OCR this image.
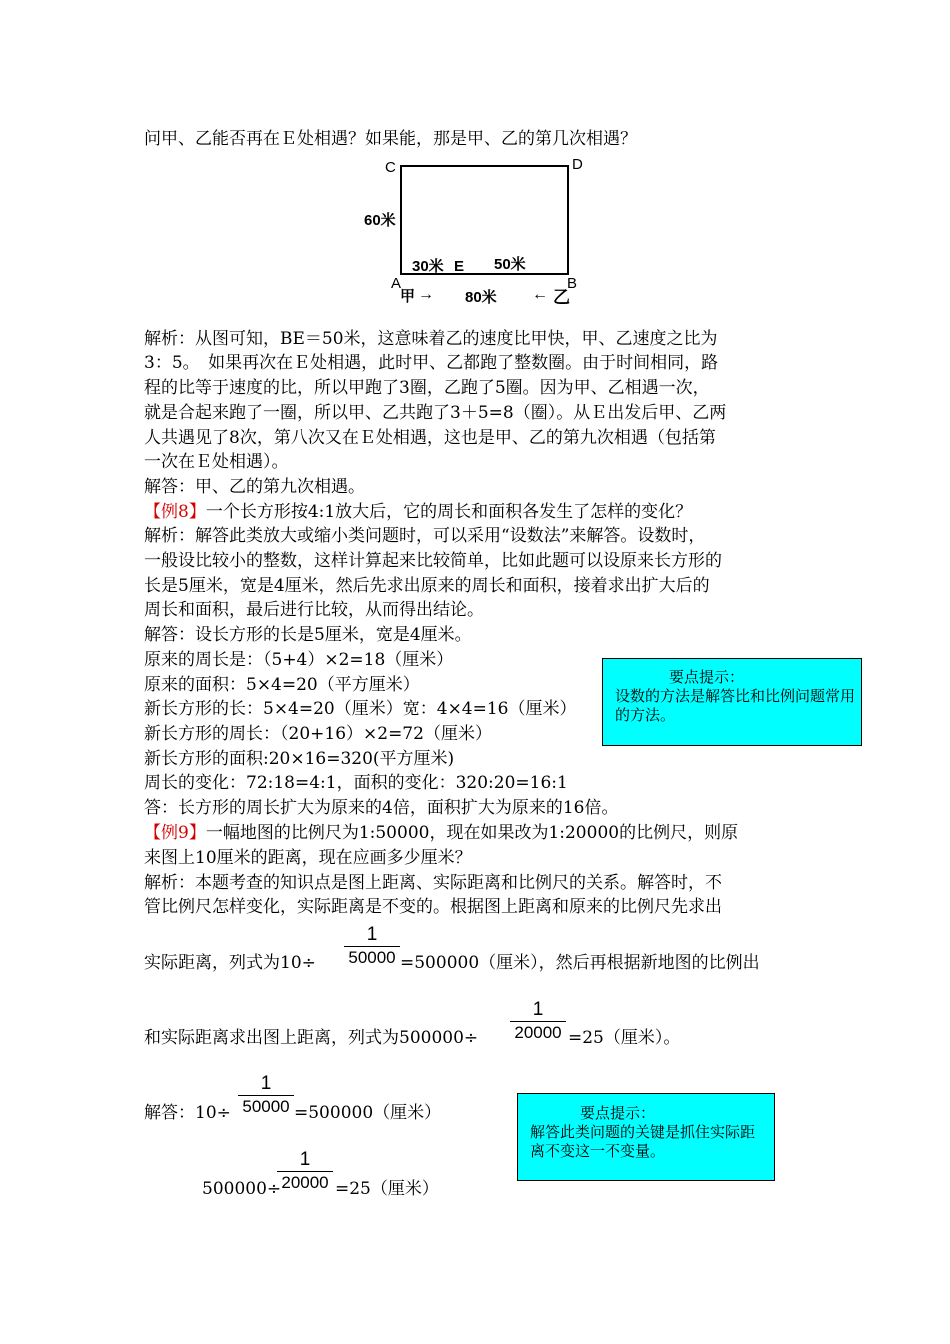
问甲、乙能否再在Ｅ处相遇？如果能，那是甲、乙的第几次相遇？
C	D
60米
30米 E 50米
A	B
甲 → 80米 ← 乙
解析：从图可知，BE＝50米，这意味着乙的速度比甲快，甲、乙速度之比为
3：5。　如果再次在Ｅ处相遇，此时甲、乙都跑了整数圈。由于时间相同，路
程的比等于速度的比，所以甲跑了3圈，乙跑了5圈。因为甲、乙相遇一次，
就是合起来跑了一圈，所以甲、乙共跑了3＋5=8（圈）。从Ｅ出发后甲、乙两
人共遇见了8次，第八次又在Ｅ处相遇，这也是甲、乙的第九次相遇（包括第
一次在Ｅ处相遇）。
解答：甲、乙的第九次相遇。
【例8】一个长方形按4:1放大后，它的周长和面积各发生了怎样的变化？
解析：解答此类放大或缩小类问题时，可以采用“设数法”来解答。设数时，
一般设比较小的整数，这样计算起来比较简单，比如此题可以设原来长方形的
长是5厘米，宽是4厘米，然后先求出原来的周长和面积，接着求出扩大后的
周长和面积，最后进行比较，从而得出结论。
解答：设长方形的长是5厘米，宽是4厘米。
原来的周长是：（5+4）×2=18（厘米）
原来的面积：5×4=20（平方厘米）
新长方形的长：5×4=20（厘米）宽：4×4=16（厘米）
新长方形的周长：（20+16）×2=72（厘米）
新长方形的面积:20×16=320(平方厘米)
周长的变化：72:18=4:1，面积的变化：320:20=16:1
答：长方形的周长扩大为原来的4倍，面积扩大为原来的16倍。
要点提示：
设数的方法是解答比和比例问题常用的方法。
【例9】一幅地图的比例尺为1:50000，现在如果改为1:20000的比例尺，则原
来图上10厘米的距离，现在应画多少厘米？
解析：本题考查的知识点是图上距离、实际距离和比例尺的关系。解答时，不
管比例尺怎样变化，实际距离是不变的。根据图上距离和原来的比例尺先求出
实际距离，列式为10÷
1
50000 =500000（厘米），然后再根据新地图的比例出
和实际距离求出图上距离，列式为500000÷
1
20000 =25（厘米）。
解答：10÷
1
50000 =500000（厘米）
500000÷
1
20000 =25（厘米）
要点提示：
解答此类问题的关键是抓住实际距离不变这一不变量。
